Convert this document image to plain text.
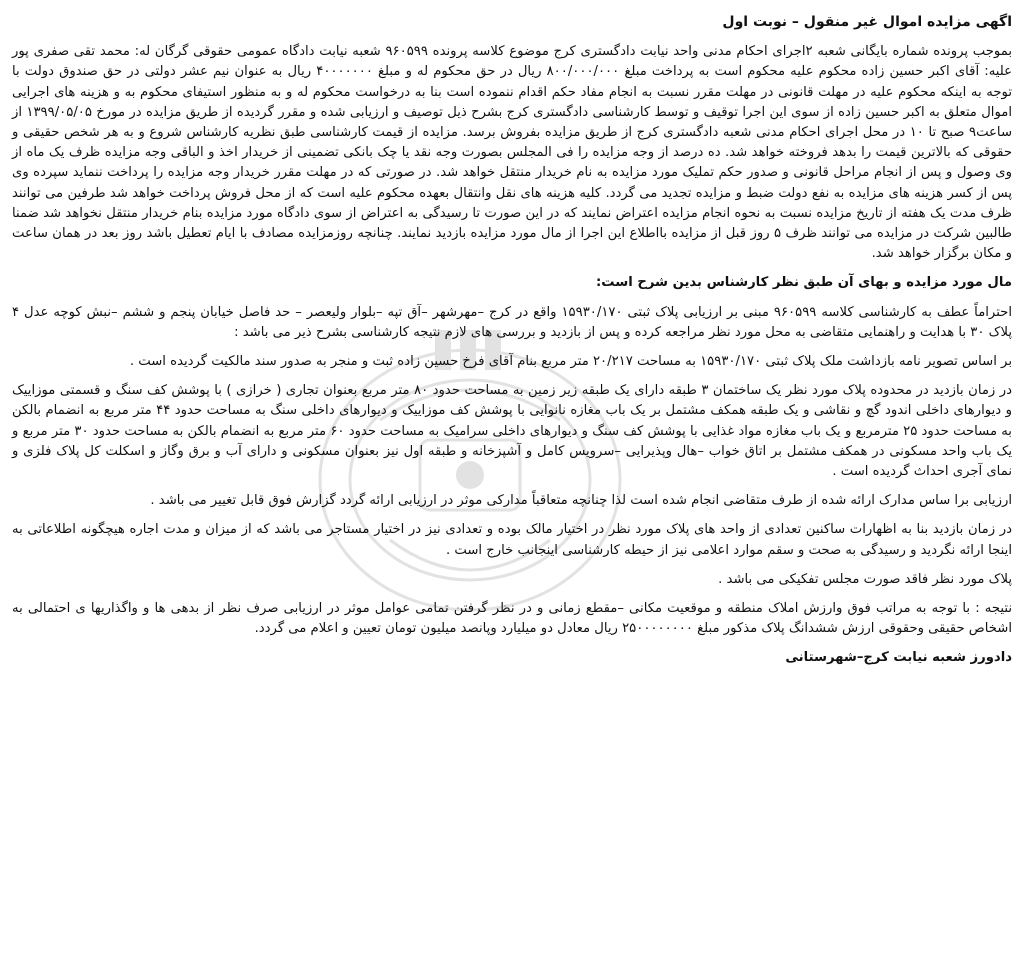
اگهی مزایده اموال غیر منقول – نوبت اول

بموجب پرونده شماره بایگانی شعبه ۲اجرای احکام مدنی واحد نیابت دادگستری کرج موضوع کلاسه پرونده ۹۶۰۵۹۹ شعبه نیابت دادگاه عمومی حقوقی گرگان له: محمد تقی صفری پور علیه: آقای اکبر حسین زاده محکوم علیه محکوم است به پرداخت مبلغ ۸۰۰/۰۰۰/۰۰۰ ریال در حق محکوم له و مبلغ ۴۰۰۰۰۰۰۰ ریال به عنوان نیم عشر دولتی در حق صندوق دولت با توجه به اینکه محکوم علیه در مهلت قانونی در مهلت مقرر نسبت به انجام مفاد حکم اقدام ننموده است بنا به درخواست محکوم له و به منظور استیفای محکوم به و هزینه های اجرایی اموال متعلق به اکبر حسین زاده از سوی این اجرا توقیف و توسط کارشناسی دادگستری کرج بشرح ذیل توصیف و ارزیابی شده و مقرر گردیده از طریق مزایده در مورخ ۱۳۹۹/۰۵/۰۵ از ساعت۹ صبح تا ۱۰ در محل اجرای احکام مدنی شعبه دادگستری کرج از طریق مزایده بفروش برسد. مزایده از قیمت کارشناسی طبق نظریه کارشناس شروع و به هر شخص حقیقی و حقوقی که بالاترین قیمت را بدهد فروخته خواهد شد. ده درصد از وجه مزایده را فی المجلس بصورت وجه نقد یا چک بانکی تضمینی از خریدار اخذ و الباقی وجه مزایده ظرف یک ماه از وی وصول و پس از انجام مراحل قانونی و صدور حکم تملیک مورد مزایده به نام خریدار منتقل خواهد شد. در صورتی که در مهلت مقرر خریدار وجه مزایده را پرداخت ننماید سپرده وی پس از کسر هزینه های مزایده به نفع دولت ضبط و مزایده تجدید می گردد. کلیه هزینه های نقل وانتقال بعهده محکوم علیه است که از محل فروش پرداخت خواهد شد طرفین می توانند ظرف مدت یک هفته از تاریخ مزایده نسبت به نحوه انجام مزایده اعتراض نمایند که در این صورت تا رسیدگی به اعتراض از سوی دادگاه مورد مزایده بنام خریدار منتقل نخواهد شد ضمنا طالبین شرکت در مزایده می توانند ظرف ۵ روز قبل از مزایده بااطلاع این اجرا از مال مورد مزایده بازدید نمایند. چنانچه روزمزایده مصادف با ایام تعطیل باشد روز بعد در همان ساعت و مکان برگزار خواهد شد.

مال مورد مزایده و بهای آن طبق نظر کارشناس بدین شرح است:

احتراماً عطف به کارشناسی کلاسه ۹۶۰۵۹۹ مبنی بر ارزیابی پلاک ثبتی ۱۵۹۳۰/۱۷۰ واقع در کرج –مهرشهر –آق تپه –بلوار ولیعصر – حد فاصل خیابان پنجم و ششم –نبش کوچه عدل ۴ پلاک ۳۰ با هدایت و راهنمایی متقاضی به محل مورد نظر مراجعه کرده و پس از بازدید و بررسی های لازم نتیجه کارشناسی بشرح ذیر می باشد :

بر اساس تصویر نامه بازداشت ملک پلاک ثبتی ۱۵۹۳۰/۱۷۰ به مساحت ۲۰/۲۱۷ متر مربع بنام آقای فرخ حسین زاده ثبت و منجر به صدور سند مالکیت گردیده است .

در زمان بازدید در محدوده پلاک مورد نظر یک ساختمان ۳ طبقه دارای یک طبقه زیر زمین به مساحت حدود ۸۰ متر مربع بعنوان تجاری ( خرازی ) با پوشش کف سنگ و قسمتی موزاییک و دیوارهای داخلی اندود گچ و نقاشی و یک طبقه همکف مشتمل بر یک باب مغازه نانوایی با پوشش کف موزاییک و دیوارهای داخلی سنگ به مساحت حدود ۴۴ متر مربع به انضمام بالکن به مساحت حدود ۲۵ مترمربع و یک باب مغازه مواد غذایی با پوشش کف سنگ و دیوارهای داخلی سرامیک به مساحت حدود ۶۰ متر مربع به انضمام بالکن به مساحت حدود ۳۰ متر مربع و یک باب واحد مسکونی در همکف مشتمل بر اتاق خواب –هال وپذیرایی –سرویس کامل و آشپزخانه و طبقه اول نیز بعنوان مسکونی و دارای آب و برق وگاز و اسکلت کل پلاک فلزی و نمای آجری احداث گردیده است .

ارزیابی برا ساس مدارک ارائه شده از طرف متقاضی انجام شده است لذا چنانچه متعاقباً مدارکی موثر در ارزیابی ارائه گردد گزارش فوق قابل تغییر می باشد .

در زمان بازدید بنا به اظهارات ساکنین تعدادی از واحد های پلاک مورد نظر در اختیار مالک بوده و تعدادی نیز در اختیار مستاجر می باشد که از میزان و مدت اجاره هیچگونه اطلاعاتی به اینجا ارائه نگردید و رسیدگی به صحت و سقم موارد اعلامی نیز از حیطه کارشناسی اینجانب خارج است .

پلاک مورد نظر فاقد صورت مجلس تفکیکی می باشد .

نتیجه : با توجه به مراتب فوق وارزش املاک منطقه و موقعیت مکانی –مقطع زمانی و در نظر گرفتن تمامی عوامل موثر در ارزیابی صرف نظر از بدهی ها و واگذاریها ی احتمالی به اشخاص حقیقی وحقوقی ارزش ششدانگ پلاک مذکور مبلغ ۲۵۰۰۰۰۰۰۰۰ ریال معادل دو میلیارد وپانصد میلیون تومان تعیین و اعلام می گردد.

دادورز شعبه نیابت کرج–شهرستانی
